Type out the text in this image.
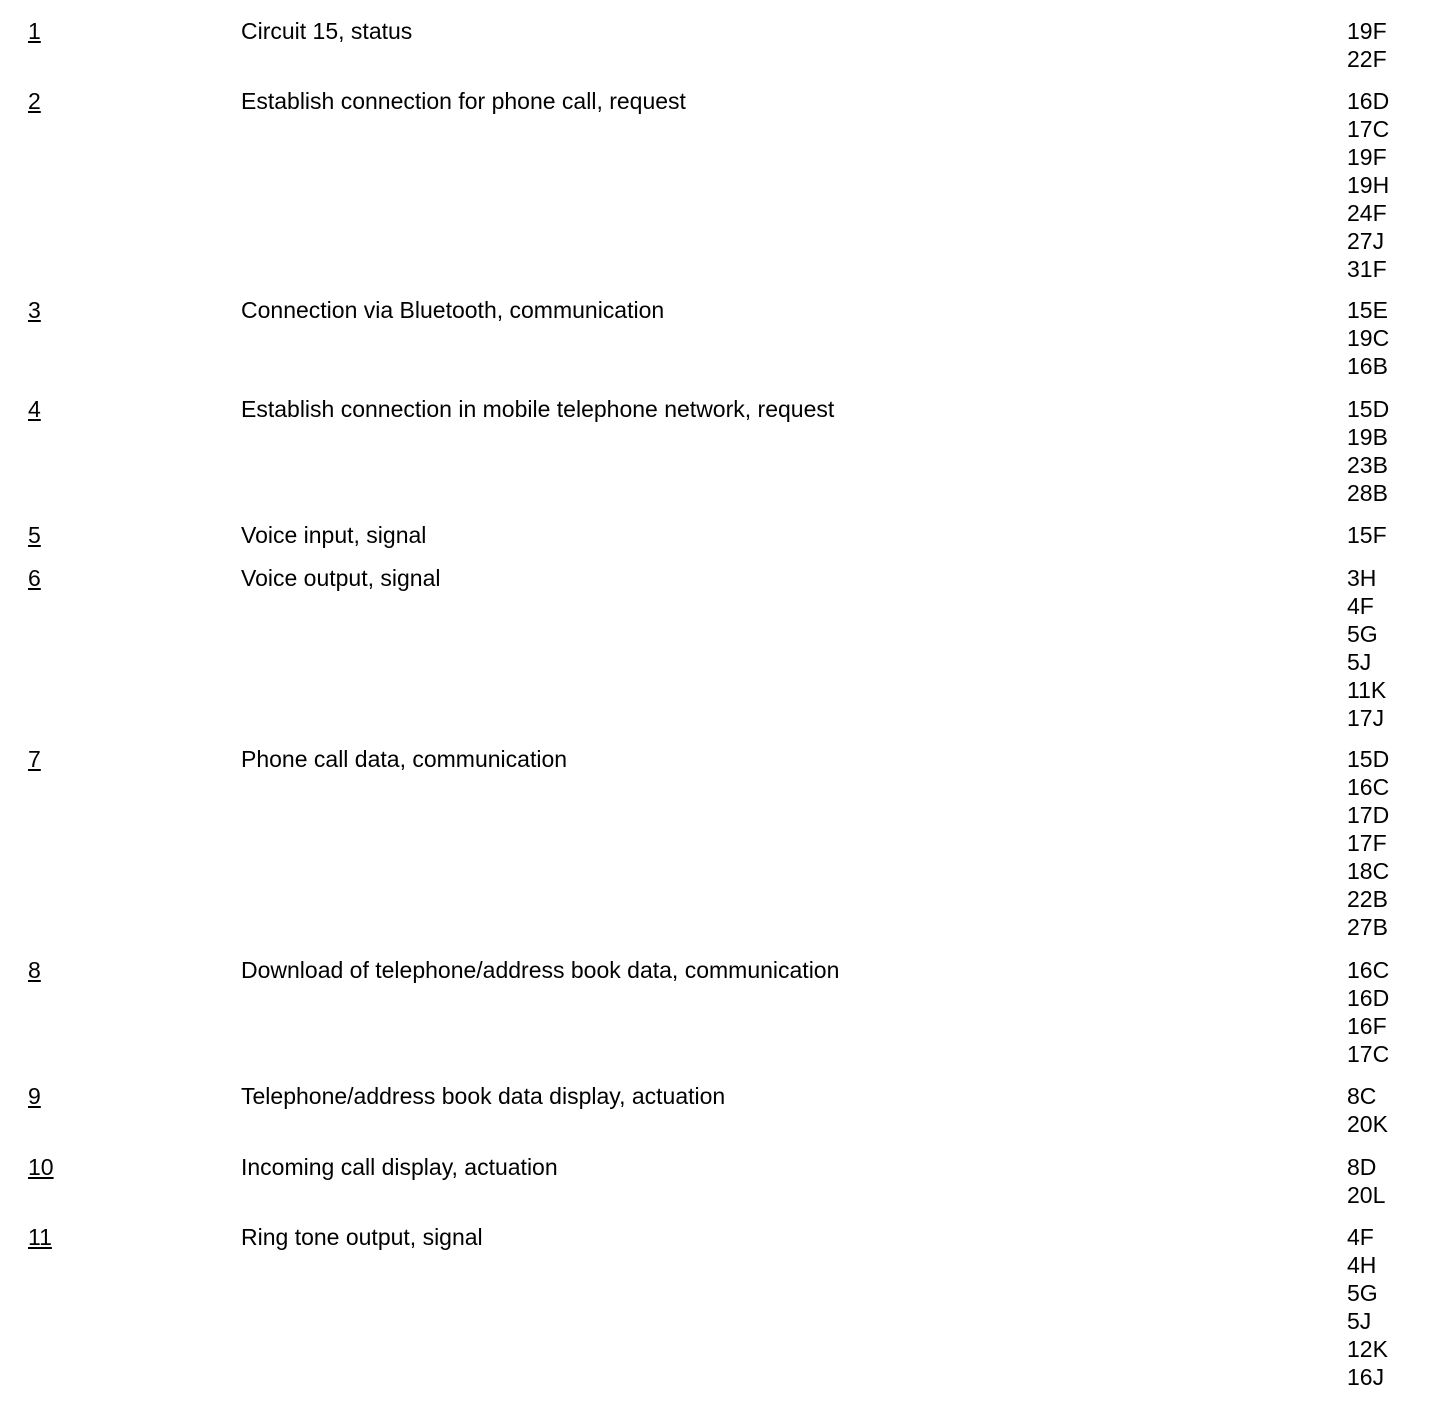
1	Circuit 15, status	19F
22F
2	Establish connection for phone call, request	16D
17C
19F
19H
24F
27J
31F
3	Connection via Bluetooth, communication	15E
19C
16B
4	Establish connection in mobile telephone network, request	15D
19B
23B
28B
5	Voice input, signal	15F
6	Voice output, signal	3H
4F
5G
5J
11K
17J
7	Phone call data, communication	15D
16C
17D
17F
18C
22B
27B
8	Download of telephone/address book data, communication	16C
16D
16F
17C
9	Telephone/address book data display, actuation	8C
20K
10	Incoming call display, actuation	8D
20L
11	Ring tone output, signal	4F
4H
5G
5J
12K
16J
